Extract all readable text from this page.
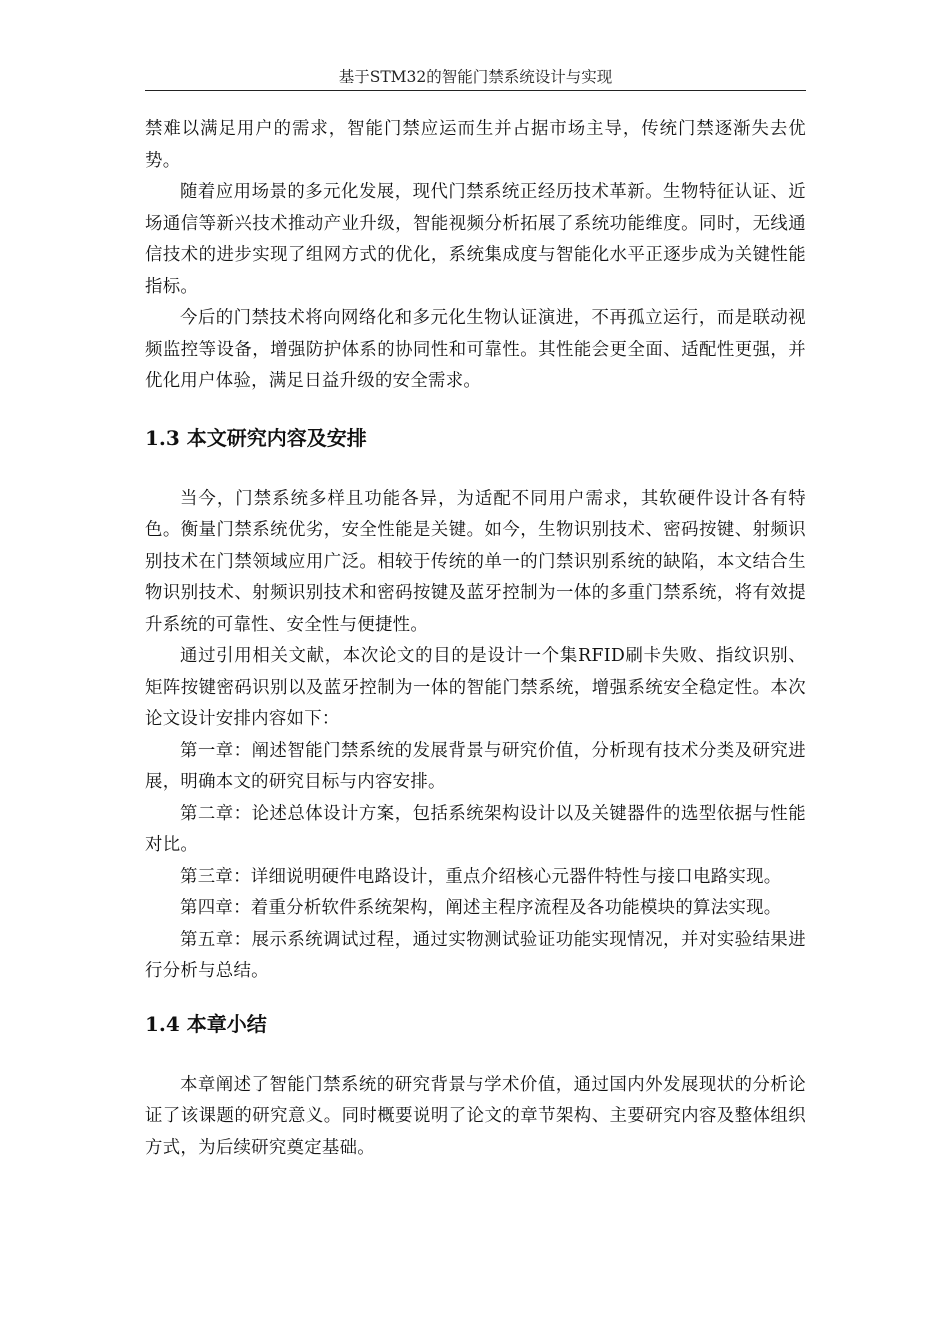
基于STM32的智能门禁系统设计与实现

禁难以满足用户的需求，智能门禁应运而生并占据市场主导，传统门禁逐渐失去优势。

随着应用场景的多元化发展，现代门禁系统正经历技术革新。生物特征认证、近场通信等新兴技术推动产业升级，智能视频分析拓展了系统功能维度。同时，无线通信技术的进步实现了组网方式的优化，系统集成度与智能化水平正逐步成为关键性能指标。

今后的门禁技术将向网络化和多元化生物认证演进，不再孤立运行，而是联动视频监控等设备，增强防护体系的协同性和可靠性。其性能会更全面、适配性更强，并优化用户体验，满足日益升级的安全需求。

1.3 本文研究内容及安排

当今，门禁系统多样且功能各异，为适配不同用户需求，其软硬件设计各有特色。衡量门禁系统优劣，安全性能是关键。如今，生物识别技术、密码按键、射频识别技术在门禁领域应用广泛。相较于传统的单一的门禁识别系统的缺陷，本文结合生物识别技术、射频识别技术和密码按键及蓝牙控制为一体的多重门禁系统，将有效提升系统的可靠性、安全性与便捷性。

通过引用相关文献，本次论文的目的是设计一个集RFID刷卡失败、指纹识别、矩阵按键密码识别以及蓝牙控制为一体的智能门禁系统，增强系统安全稳定性。本次论文设计安排内容如下：

第一章：阐述智能门禁系统的发展背景与研究价值，分析现有技术分类及研究进展，明确本文的研究目标与内容安排。

第二章：论述总体设计方案，包括系统架构设计以及关键器件的选型依据与性能对比。

第三章：详细说明硬件电路设计，重点介绍核心元器件特性与接口电路实现。

第四章：着重分析软件系统架构，阐述主程序流程及各功能模块的算法实现。

第五章：展示系统调试过程，通过实物测试验证功能实现情况，并对实验结果进行分析与总结。

1.4 本章小结

本章阐述了智能门禁系统的研究背景与学术价值，通过国内外发展现状的分析论证了该课题的研究意义。同时概要说明了论文的章节架构、主要研究内容及整体组织方式，为后续研究奠定基础。
